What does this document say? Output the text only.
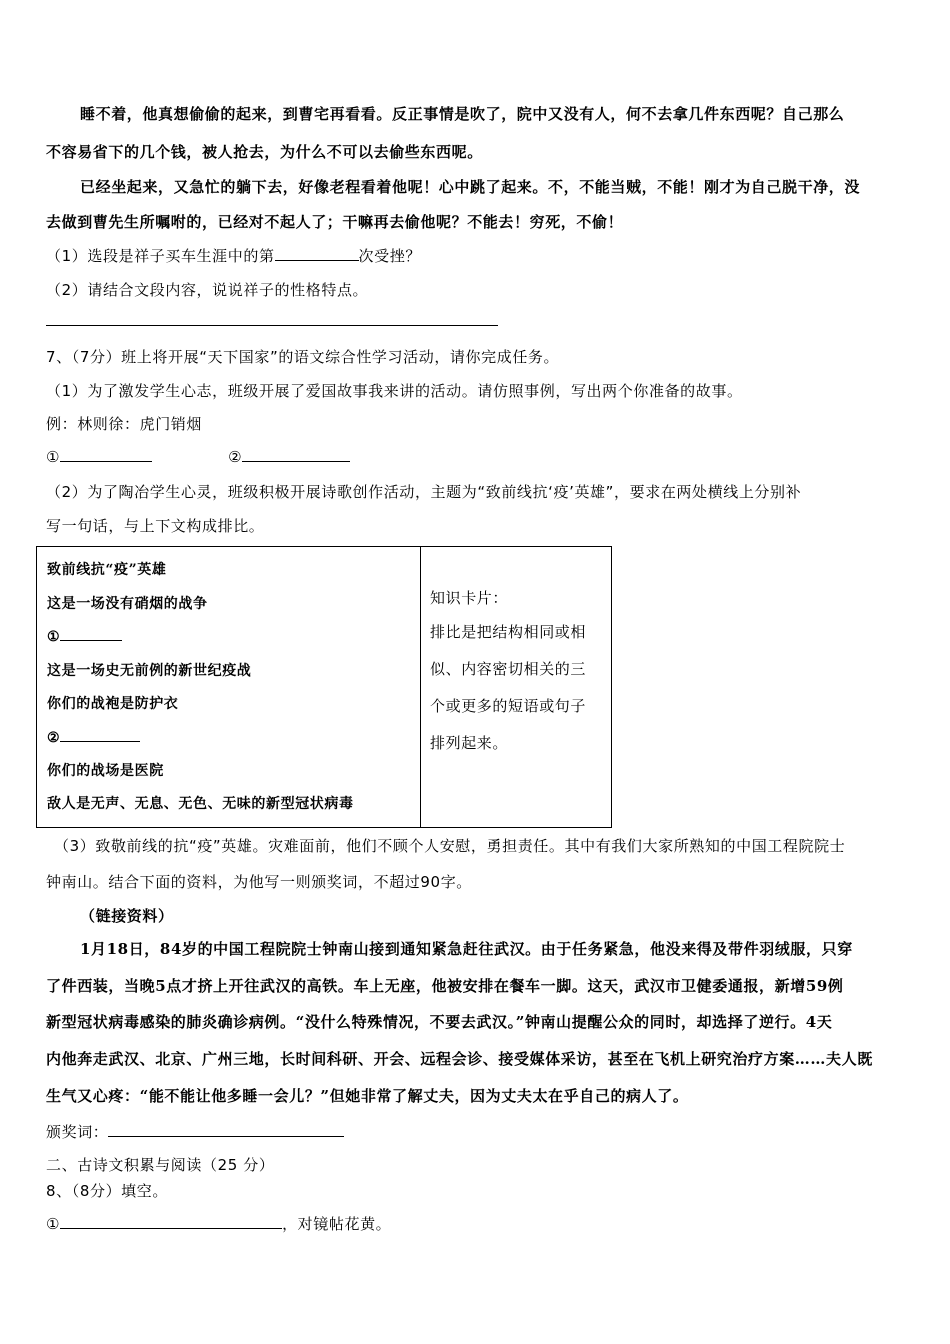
睡不着，他真想偷偷的起来，到曹宅再看看。反正事情是吹了，院中又没有人，何不去拿几件东西呢？自己那么
不容易省下的几个钱，被人抢去，为什么不可以去偷些东西呢。
已经坐起来，又急忙的躺下去，好像老程看着他呢！心中跳了起来。不，不能当贼，不能！刚才为自己脱干净，没
去做到曹先生所嘱咐的，已经对不起人了；干嘛再去偷他呢？不能去！穷死，不偷！
（1）选段是祥子买车生涯中的第	次受挫？
（2）请结合文段内容，说说祥子的性格特点。
7、（7分）班上将开展“天下国家”的语文综合性学习活动，请你完成任务。
（1）为了激发学生心志，班级开展了爱国故事我来讲的活动。请仿照事例，写出两个你准备的故事。
例：林则徐：虎门销烟
①	②
（2）为了陶冶学生心灵，班级积极开展诗歌创作活动，主题为“致前线抗‘疫’英雄”，要求在两处横线上分别补
写一句话，与上下文构成排比。
致前线抗“疫”英雄
这是一场没有硝烟的战争
①
这是一场史无前例的新世纪疫战
你们的战袍是防护衣
②
你们的战场是医院
敌人是无声、无息、无色、无味的新型冠状病毒
知识卡片：
排比是把结构相同或相
似、内容密切相关的三
个或更多的短语或句子
排列起来。
（3）致敬前线的抗“疫”英雄。灾难面前，他们不顾个人安慰，勇担责任。其中有我们大家所熟知的中国工程院院士
钟南山。结合下面的资料，为他写一则颁奖词，不超过90字。
（链接资料）
1月18日，84岁的中国工程院院士钟南山接到通知紧急赶往武汉。由于任务紧急，他没来得及带件羽绒服，只穿
了件西装，当晚5点才挤上开往武汉的高铁。车上无座，他被安排在餐车一脚。这天，武汉市卫健委通报，新增59例
新型冠状病毒感染的肺炎确诊病例。“没什么特殊情况，不要去武汉。”钟南山提醒公众的同时，却选择了逆行。4天
内他奔走武汉、北京、广州三地，长时间科研、开会、远程会诊、接受媒体采访，甚至在飞机上研究治疗方案……夫人既
生气又心疼：“能不能让他多睡一会儿？”但她非常了解丈夫，因为丈夫太在乎自己的病人了。
颁奖词：
二、古诗文积累与阅读（25 分）
8、（8分）填空。
①	，对镜帖花黄。
